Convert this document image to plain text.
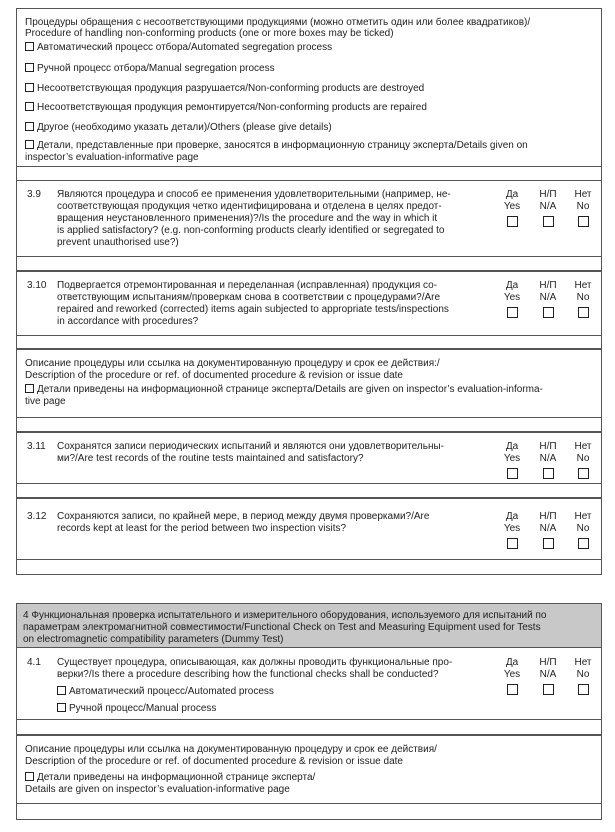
Процедуры обращения с несоответствующими продукциями (можно отметить один или более квадратиков)/
Procedure of handling non-conforming products (one or more boxes may be ticked)
Автоматический процесс отбора/Automated segregation process
Ручной процесс отбора/Manual segregation process
Несоответствующая продукция разрушается/Non-conforming products are destroyed
Несоответствующая продукция ремонтируется/Non-conforming products are repaired
Другое (необходимо указать детали)/Others (please give details)
Детали, представленные при проверке, заносятся в информационную страницу эксперта/Details given on
inspector’s evaluation-informative page
3.9 Являются процедура и способ ее применения удовлетворительными (например, не-
соответствующая продукция четко идентифицирована и отделена в целях предот-
вращения неустановленного применения)?/Is the procedure and the way in which it
is applied satisfactory? (e.g. non-conforming products clearly identified or segregated to
prevent unauthorised use?)
Да
Yes
Н/П
N/A
Нет
No
3.10 Подвергается отремонтированная и переделанная (исправленная) продукция со-
ответствующим испытаниям/проверкам снова в соответствии с процедурами?/Are
repaired and reworked (corrected) items again subjected to appropriate tests/inspections
in accordance with procedures?
Да
Yes
Н/П
N/A
Нет
No
Описание процедуры или ссылка на документированную процедуру и срок ее действия:/
Description of the procedure or ref. of documented procedure & revision or issue date
Детали приведены на информационной странице эксперта/Details are given on inspector’s evaluation-informa-
tive page
3.11 Сохранятся записи периодических испытаний и являются они удовлетворительны-
ми?/Are test records of the routine tests maintained and satisfactory?
Да
Yes
Н/П
N/A
Нет
No
3.12 Сохраняются записи, по крайней мере, в период между двумя проверками?/Are
records kept at least for the period between two inspection visits?
Да
Yes
Н/П
N/A
Нет
No
4 Функциональная проверка испытательного и измерительного оборудования, используемого для испытаний по
параметрам электромагнитной совместимости/Functional Check on Test and Measuring Equipment used for Tests
on electromagnetic compatibility parameters (Dummy Test)
4.1 Существует процедура, описывающая, как должны проводить функциональные про-
верки?/Is there a procedure describing how the functional checks shall be conducted?
Автоматический процесс/Automated process
Ручной процесс/Manual process
Да
Yes
Н/П
N/A
Нет
No
Описание процедуры или ссылка на документированную процедуру и срок ее действия/
Description of the procedure or ref. of documented procedure & revision or issue date
Детали приведены на информационной странице эксперта/
Details are given on inspector’s evaluation-informative page
